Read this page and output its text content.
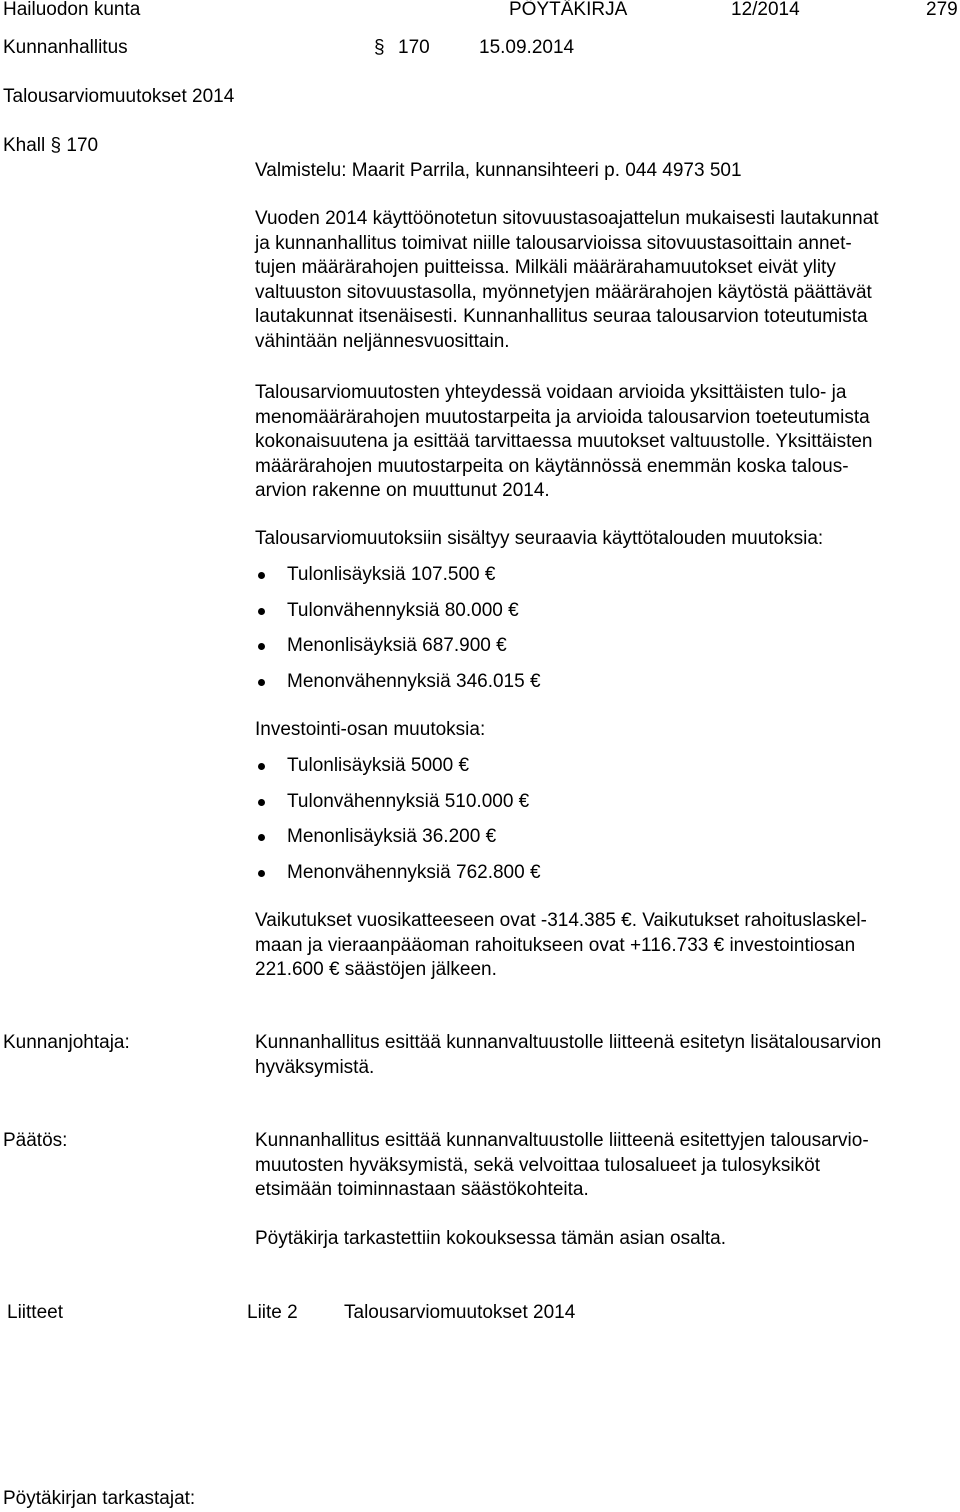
Hailuodon kunta	PÖYTÄKIRJA	12/2014	279
Kunnanhallitus	§ 170	15.09.2014
Talousarviomuutokset 2014
Khall § 170
Valmistelu: Maarit Parrila, kunnansihteeri p. 044 4973 501
Vuoden 2014 käyttöönotetun sitovuustasoajattelun mukaisesti lautakunnat
ja kunnanhallitus toimivat niille talousarvioissa sitovuustasoittain annet-
tujen määrärahojen puitteissa. Milkäli määrärahamuutokset eivät ylity
valtuuston sitovuustasolla, myönnetyjen määrärahojen käytöstä päättävät
lautakunnat itsenäisesti. Kunnanhallitus seuraa talousarvion toteutumista
vähintään neljännesvuosittain.
Talousarviomuutosten yhteydessä voidaan arvioida yksittäisten tulo- ja
menomäärärahojen muutostarpeita ja arvioida talousarvion toeteutumista
kokonaisuutena ja esittää tarvittaessa muutokset valtuustolle. Yksittäisten
määrärahojen muutostarpeita on käytännössä enemmän koska talous-
arvion rakenne on muuttunut 2014.
Talousarviomuutoksiin sisältyy seuraavia käyttötalouden muutoksia:
Tulonlisäyksiä 107.500 €
Tulonvähennyksiä 80.000 €
Menonlisäyksiä 687.900 €
Menonvähennyksiä 346.015 €
Investointi-osan muutoksia:
Tulonlisäyksiä 5000 €
Tulonvähennyksiä 510.000 €
Menonlisäyksiä 36.200 €
Menonvähennyksiä 762.800 €
Vaikutukset vuosikatteeseen ovat -314.385 €. Vaikutukset rahoituslaskel-
maan ja vieraanpääoman rahoitukseen ovat +116.733 € investointiosan
221.600 € säästöjen jälkeen.
Kunnanjohtaja:	Kunnanhallitus esittää kunnanvaltuustolle liitteenä esitetyn lisätalousarvion
hyväksymistä.
Päätös:	Kunnanhallitus esittää kunnanvaltuustolle liitteenä esitettyjen talousarvio-
muutosten hyväksymistä, sekä velvoittaa tulosalueet ja tulosyksiköt
etsimään toiminnastaan säästökohteita.
Pöytäkirja tarkastettiin kokouksessa tämän asian osalta.
Liitteet	Liite 2 Talousarviomuutokset 2014
Pöytäkirjan tarkastajat:
